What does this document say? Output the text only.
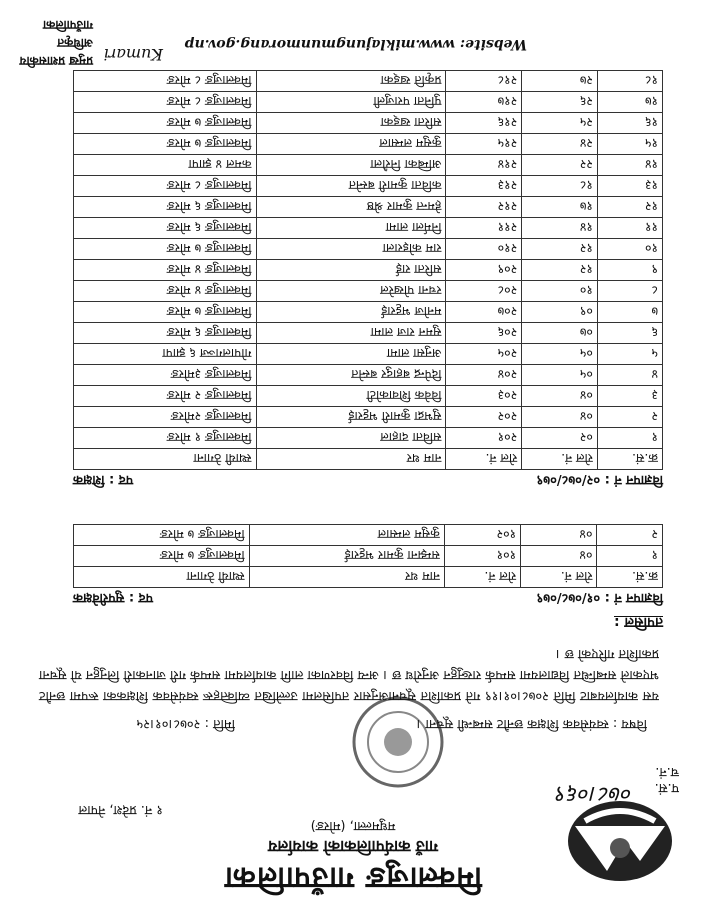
मिक्लाजुङ गाउँपालिका
गाउँ कार्यपालिकाको कार्यालय
मधुमल्ला, (मोरङ)
१ नं. प्रदेश, नेपाल
प.सं.
०७८।०६९
च.नं.
मिति : २०७८।०१।२५	विषय : स्वयंसेवक शिक्षक छनौट सम्बन्धी सूचना ।
यस कार्यालयबाट मिति २०७८।०१।१९ गते प्रकाशित सूचनाअनुसार तपसिलमा उल्लेखित व्यक्तिहरू स्वयंसेवक शिक्षकका रूपमा छनौट भएकाले सम्बन्धित विद्यालयमा सम्पर्क राख्नुहुन अनुरोध छ । अन्य विवरणका लागि कार्यालयमा सम्पर्क गरी जानकारी लिनुहुन यो सूचना प्रकाशित गरिएको छ ।
तपसिल :
विज्ञापन नं : ०१/०७८/०७९
पद : सुपरीवेक्षक
क्र.सं.	रोल नं.	रोल नं.	नाम थर	स्थायी ठेगाना
१	०४	१०१	सम्झना कुमार भट्टराई	मिक्लाजुङ ७ मोरङ
२	०४	१०२	कुसुम लम्साल	मिक्लाजुङ ७ मोरङ
विज्ञापन नं : ०२/०७८/०७९
पद : शिक्षक
क्र.सं.	रोल नं.	रोल नं.	नाम थर	स्थायी ठेगाना
१	०२	२०१	सविता दाहाल	मिक्लाजुङ १ मोरङ
२	०४	२०२	सुभद्रा कुमारी भट्टराई	मिक्लाजुङ २मोरङ
३	०४	२०३	विवेक शिवाकोटी	मिक्लाजुङ २ मोरङ
४	०५	२०४	दिपेन्द्र बहादुर बस्नेत	मिक्लाजुङ ३मोरङ
५	०५	२०५	अनुसा लामा	गोपालगञ्ज ६ झापा
६	०७	२०६	सुमन राज लामा	मिक्लाजुङ ६ मोरङ
७	०९	२०७	मनोज भट्टराई	मिक्लाजुङ ७ मोरङ
८	१०	२०८	रचना पोखरेल	मिक्लाजुङ ४ मोरङ
९	१२	२०९	सरिता राई	मिक्लाजुङ ४ मोरङ
१०	१२	२१०	राम कोइराला	मिक्लाजुङ ७ मोरङ
११	१४	२११	निर्मला लामा	मिक्लाजुङ ६ मोरङ
१२	१७	२१२	हेमन्त कुमार श्रेष्ठ	मिक्लाजुङ ६ मोरङ
१३	१८	२१३	कविता कुमारी बस्नेत	मिक्लाजुङ ८ मोरङ
१४	२२	२१४	अम्बिका निरौला	कमल ४ झापा
१५	२४	२१५	कुसुम लम्साल	मिक्लाजुङ ७ मोरङ
१६	२५	२१६	सरिता खड्का	मिक्लाजुङ ७ मोरङ
१७	२६	२१७	पुनिता पराजुली	मिक्लाजुङ ८ मोरङ
१८	२७	२१८	प्रकृति खड्का	मिक्लाजुङ ८ मोरङ
Website: www.miklajungmunmorang.gov.np
Kumari
प्रमुख प्रशासकीय
अधिकृत
गाउँपालिका
